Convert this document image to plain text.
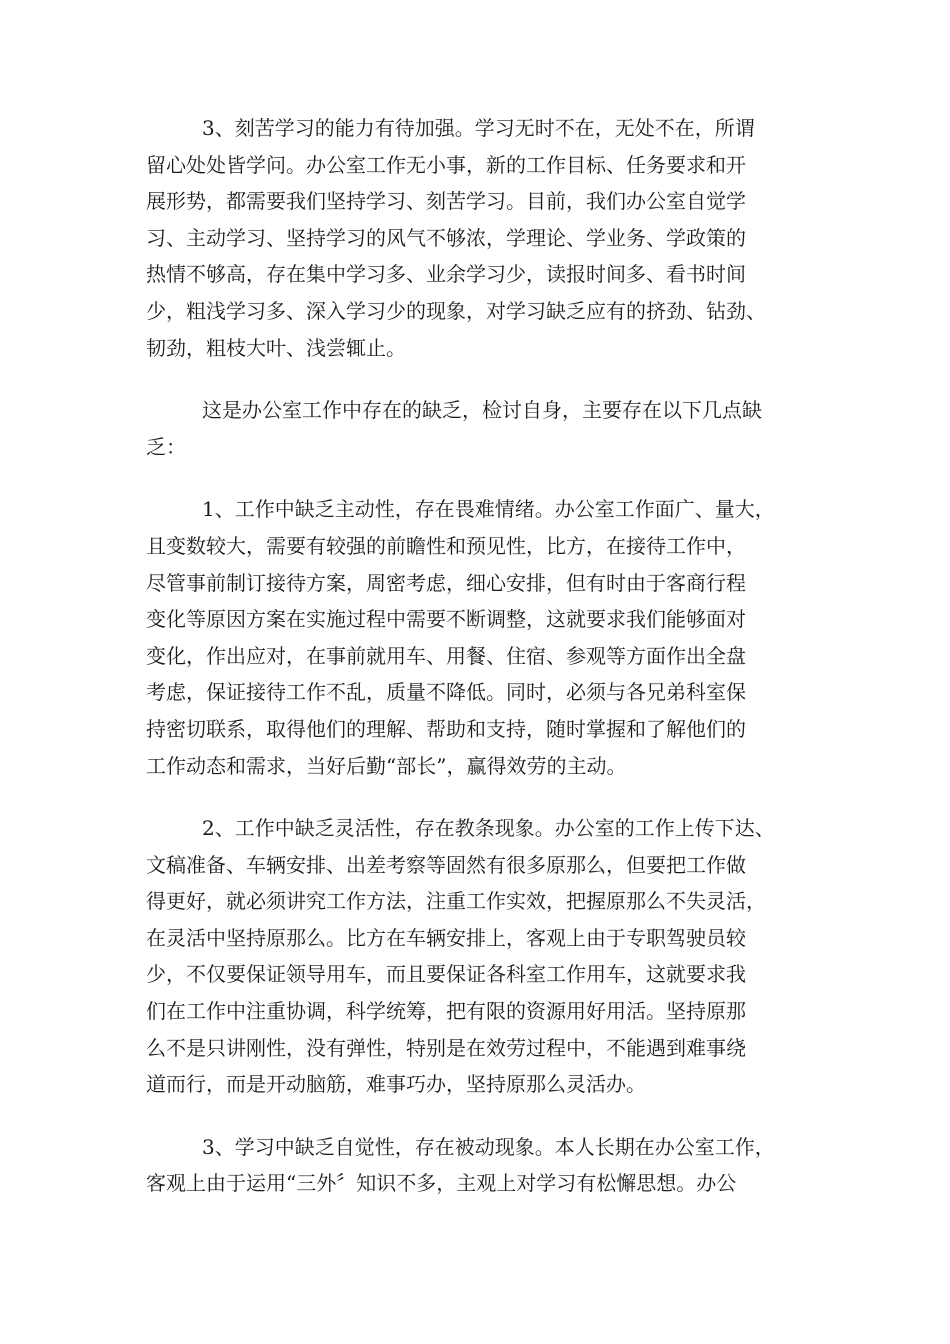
3、刻苦学习的能力有待加强。学习无时不在，无处不在，所谓
留心处处皆学问。办公室工作无小事，新的工作目标、任务要求和开
展形势，都需要我们坚持学习、刻苦学习。目前，我们办公室自觉学
习、主动学习、坚持学习的风气不够浓，学理论、学业务、学政策的
热情不够高，存在集中学习多、业余学习少，读报时间多、看书时间
少，粗浅学习多、深入学习少的现象，对学习缺乏应有的挤劲、钻劲、
韧劲，粗枝大叶、浅尝辄止。

这是办公室工作中存在的缺乏，检讨自身，主要存在以下几点缺
乏：

1、工作中缺乏主动性，存在畏难情绪。办公室工作面广、量大，
且变数较大，需要有较强的前瞻性和预见性，比方，在接待工作中，
尽管事前制订接待方案，周密考虑，细心安排，但有时由于客商行程
变化等原因方案在实施过程中需要不断调整，这就要求我们能够面对
变化，作出应对，在事前就用车、用餐、住宿、参观等方面作出全盘
考虑，保证接待工作不乱，质量不降低。同时，必须与各兄弟科室保
持密切联系，取得他们的理解、帮助和支持，随时掌握和了解他们的
工作动态和需求，当好后勤“部长”，赢得效劳的主动。

2、工作中缺乏灵活性，存在教条现象。办公室的工作上传下达、
文稿准备、车辆安排、出差考察等固然有很多原那么，但要把工作做
得更好，就必须讲究工作方法，注重工作实效，把握原那么不失灵活，
在灵活中坚持原那么。比方在车辆安排上，客观上由于专职驾驶员较
少，不仅要保证领导用车，而且要保证各科室工作用车，这就要求我
们在工作中注重协调，科学统筹，把有限的资源用好用活。坚持原那
么不是只讲刚性，没有弹性，特别是在效劳过程中，不能遇到难事绕
道而行，而是开动脑筋，难事巧办，坚持原那么灵活办。

3、学习中缺乏自觉性，存在被动现象。本人长期在办公室工作，
客观上由于运用“三外〞知识不多，主观上对学习有松懈思想。办公
